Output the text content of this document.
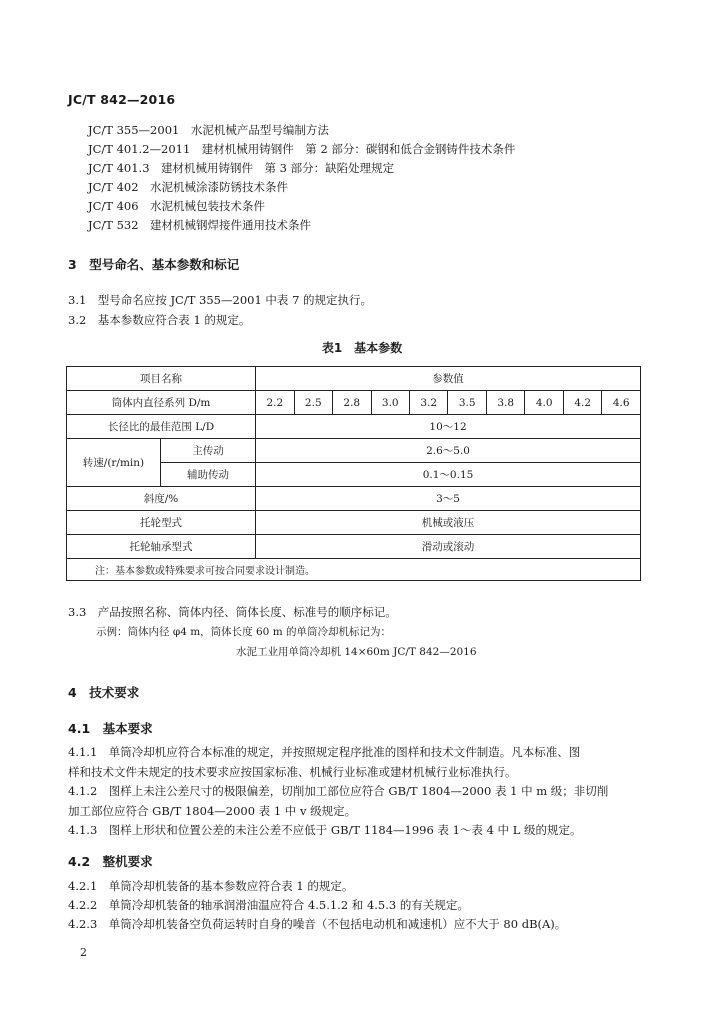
JC/T 842—2016
JC/T 355—2001　水泥机械产品型号编制方法
JC/T 401.2—2011　建材机械用铸钢件　第 2 部分：碳钢和低合金钢铸件技术条件
JC/T 401.3　建材机械用铸钢件　第 3 部分：缺陷处理规定
JC/T 402　水泥机械涂漆防锈技术条件
JC/T 406　水泥机械包装技术条件
JC/T 532　建材机械钢焊接件通用技术条件
3　型号命名、基本参数和标记
3.1　型号命名应按 JC/T 355—2001 中表 7 的规定执行。
3.2　基本参数应符合表 1 的规定。
表1　基本参数
项目名称		参数值									
筒体内直径系列 D/m		2.2	2.5	2.8	3.0	3.2	3.5	3.8	4.0	4.2	4.6
长径比的最佳范围 L/D		10～12									
转速/(r/min)	主传动	2.6～5.0									
	辅助传动	0.1～0.15									
斜度/%		3～5									
托轮型式		机械或液压									
托轮轴承型式		滑动或滚动									
注：基本参数或特殊要求可按合同要求设计制造。											
3.3　产品按照名称、筒体内径、筒体长度、标准号的顺序标记。
示例：筒体内径 φ4 m，筒体长度 60 m 的单筒冷却机标记为：
水泥工业用单筒冷却机 14×60m JC/T 842—2016
4　技术要求
4.1　基本要求
4.1.1　单筒冷却机应符合本标准的规定，并按照规定程序批准的图样和技术文件制造。凡本标准、图
样和技术文件未规定的技术要求应按国家标准、机械行业标准或建材机械行业标准执行。
4.1.2　图样上未注公差尺寸的极限偏差，切削加工部位应符合 GB/T 1804—2000 表 1 中 m 级；非切削
加工部位应符合 GB/T 1804—2000 表 1 中 v 级规定。
4.1.3　图样上形状和位置公差的未注公差不应低于 GB/T 1184—1996 表 1～表 4 中 L 级的规定。
4.2　整机要求
4.2.1　单筒冷却机装备的基本参数应符合表 1 的规定。
4.2.2　单筒冷却机装备的轴承润滑油温应符合 4.5.1.2 和 4.5.3 的有关规定。
4.2.3　单筒冷却机装备空负荷运转时自身的噪音（不包括电动机和减速机）应不大于 80 dB(A)。
2
